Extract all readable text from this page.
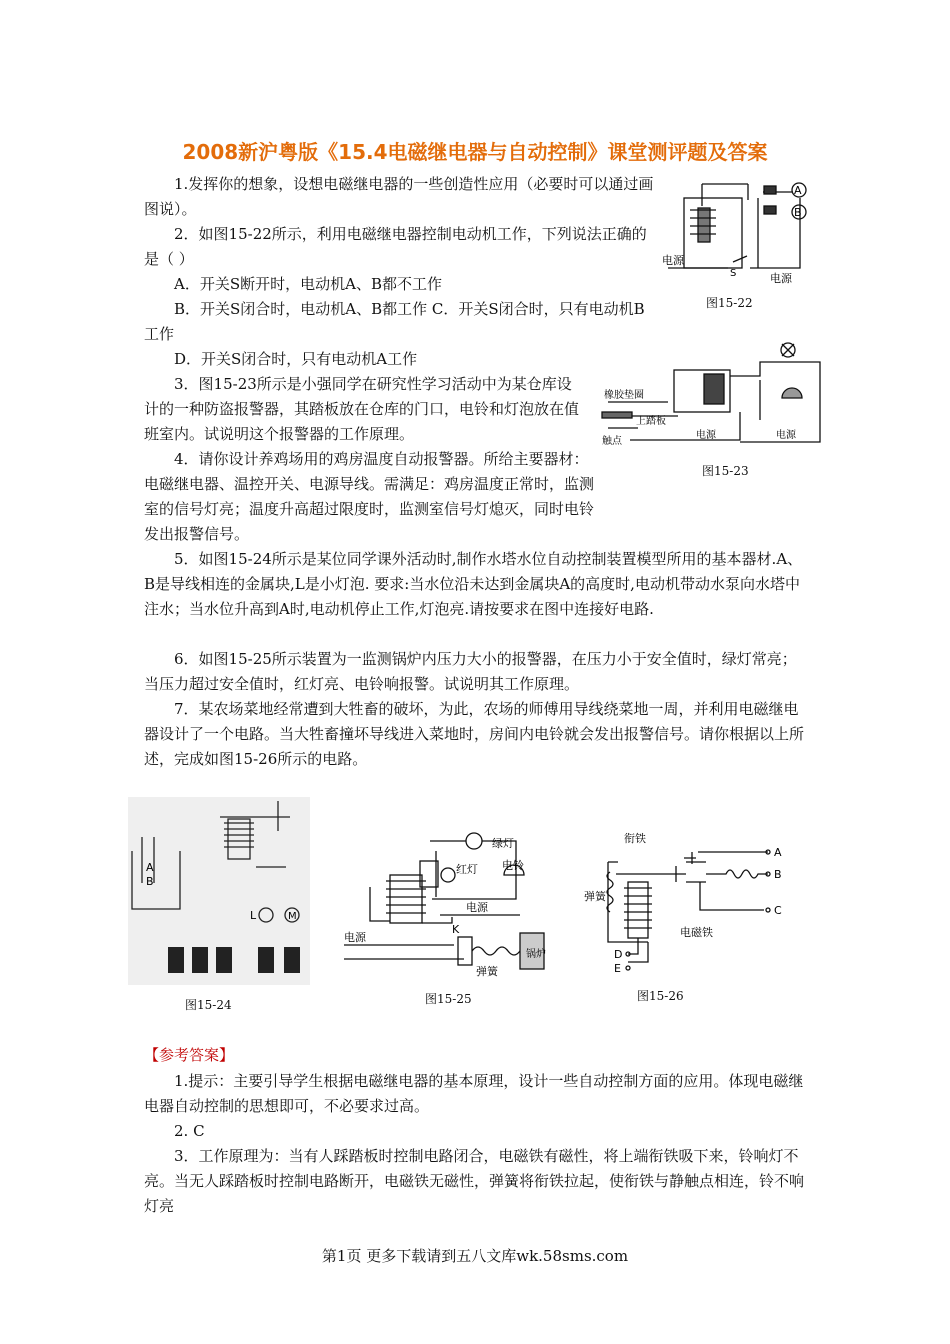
2008新沪粤版《15.4电磁继电器与自动控制》课堂测评题及答案

1.发挥你的想象，设想电磁继电器的一些创造性应用（必要时可以通过画图说）。

2．如图15-22所示，利用电磁继电器控制电动机工作，下列说法正确的是（ ）

A．开关S断开时，电动机A、B都不工作

B．开关S闭合时，电动机A、B都工作 C．开关S闭合时，只有电动机B工作

D．开关S闭合时，只有电动机A工作

3．图15-23所示是小强同学在研究性学习活动中为某仓库设计的一种防盗报警器，其踏板放在仓库的门口，电铃和灯泡放在值班室内。试说明这个报警器的工作原理。

4．请你设计养鸡场用的鸡房温度自动报警器。所给主要器材：电磁继电器、温控开关、电源导线。需满足：鸡房温度正常时，监测室的信号灯亮；温度升高超过限度时，监测室信号灯熄灭，同时电铃发出报警信号。

5．如图15-24所示是某位同学课外活动时,制作水塔水位自动控制装置模型所用的基本器材.A、B是导线相连的金属块,L是小灯泡. 要求:当水位沿未达到金属块A的高度时,电动机带动水泵向水塔中注水；当水位升高到A时,电动机停止工作,灯泡亮.请按要求在图中连接好电路.

6．如图15-25所示装置为一监测锅炉内压力大小的报警器，在压力小于安全值时，绿灯常亮；当压力超过安全值时，红灯亮、电铃响报警。试说明其工作原理。

7．某农场菜地经常遭到大牲畜的破坏，为此，农场的师傅用导线绕菜地一周，并利用电磁继电器设计了一个电路。当大牲畜撞坏导线进入菜地时，房间内电铃就会发出报警信号。请你根据以上所述，完成如图15-26所示的电路。

A
B
电源
S	电源
图15-22
橡胶垫圈
上踏板
触点
电源	电源
图15-23
A
B
L	M
图15-24
绿灯
红灯 电铃
电源
电源
K
锅炉
弹簧
图15-25
衔铁
弹簧
电磁铁
A
B
C
D
E
图15-26
【参考答案】

1.提示：主要引导学生根据电磁继电器的基本原理，设计一些自动控制方面的应用。体现电磁继电器自动控制的思想即可，不必要求过高。

2. C

3．工作原理为：当有人踩踏板时控制电路闭合，电磁铁有磁性，将上端衔铁吸下来，铃响灯不亮。当无人踩踏板时控制电路断开，电磁铁无磁性，弹簧将衔铁拉起，使衔铁与静触点相连，铃不响灯亮

第1页 更多下载请到五八文库wk.58sms.com
